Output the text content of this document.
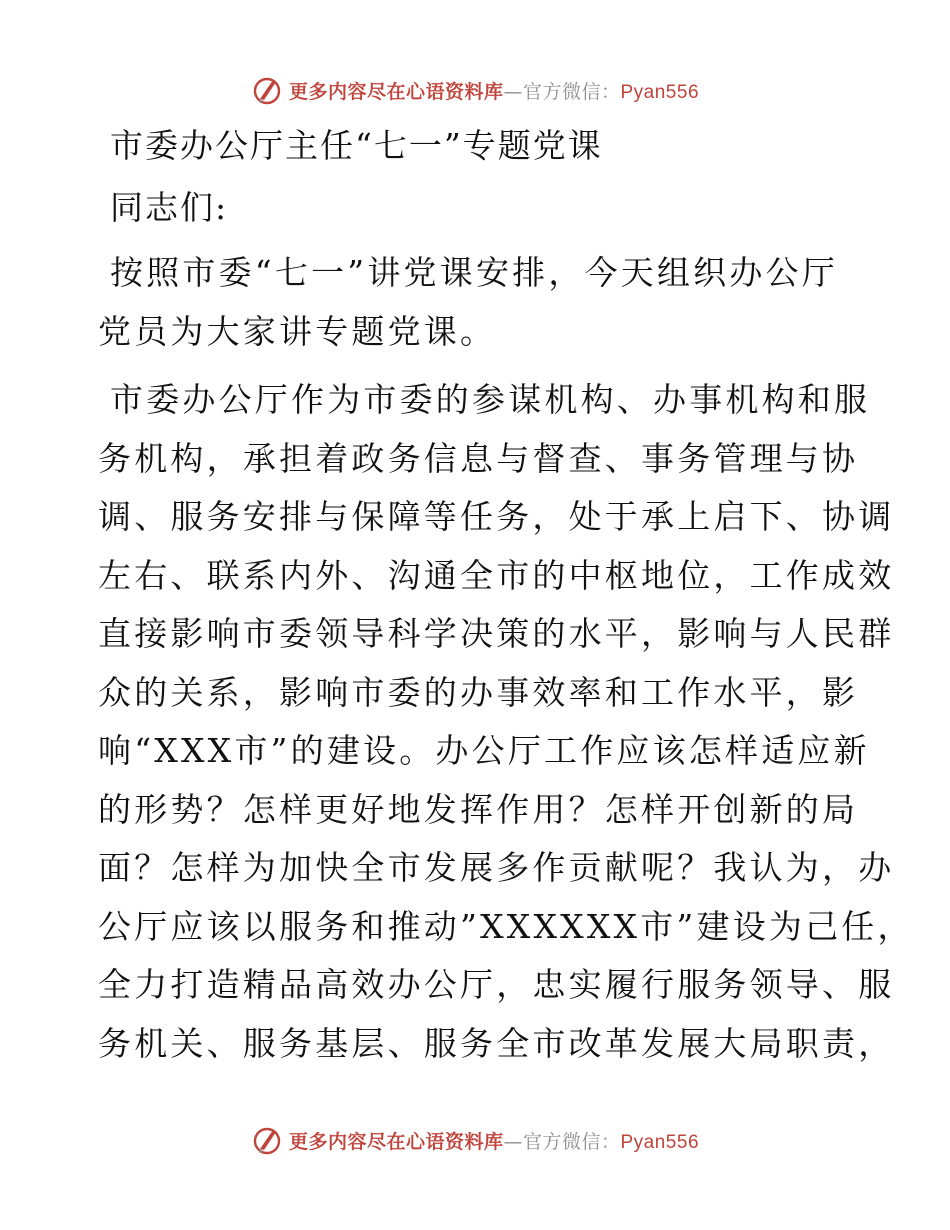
更多内容尽在心语资料库—官方微信：Pyan556
市委办公厅主任“七一”专题党课
同志们:
按照市委“七一”讲党课安排，今天组织办公厅
党员为大家讲专题党课。
市委办公厅作为市委的参谋机构、办事机构和服
务机构，承担着政务信息与督查、事务管理与协
调、服务安排与保障等任务，处于承上启下、协调
左右、联系内外、沟通全市的中枢地位，工作成效
直接影响市委领导科学决策的水平，影响与人民群
众的关系，影响市委的办事效率和工作水平，影
响“XXX市”的建设。办公厅工作应该怎样适应新
的形势？怎样更好地发挥作用？怎样开创新的局
面？怎样为加快全市发展多作贡献呢？我认为，办
公厅应该以服务和推动”XXXXXX市”建设为己任，
全力打造精品高效办公厅，忠实履行服务领导、服
务机关、服务基层、服务全市改革发展大局职责，
更多内容尽在心语资料库—官方微信：Pyan556
